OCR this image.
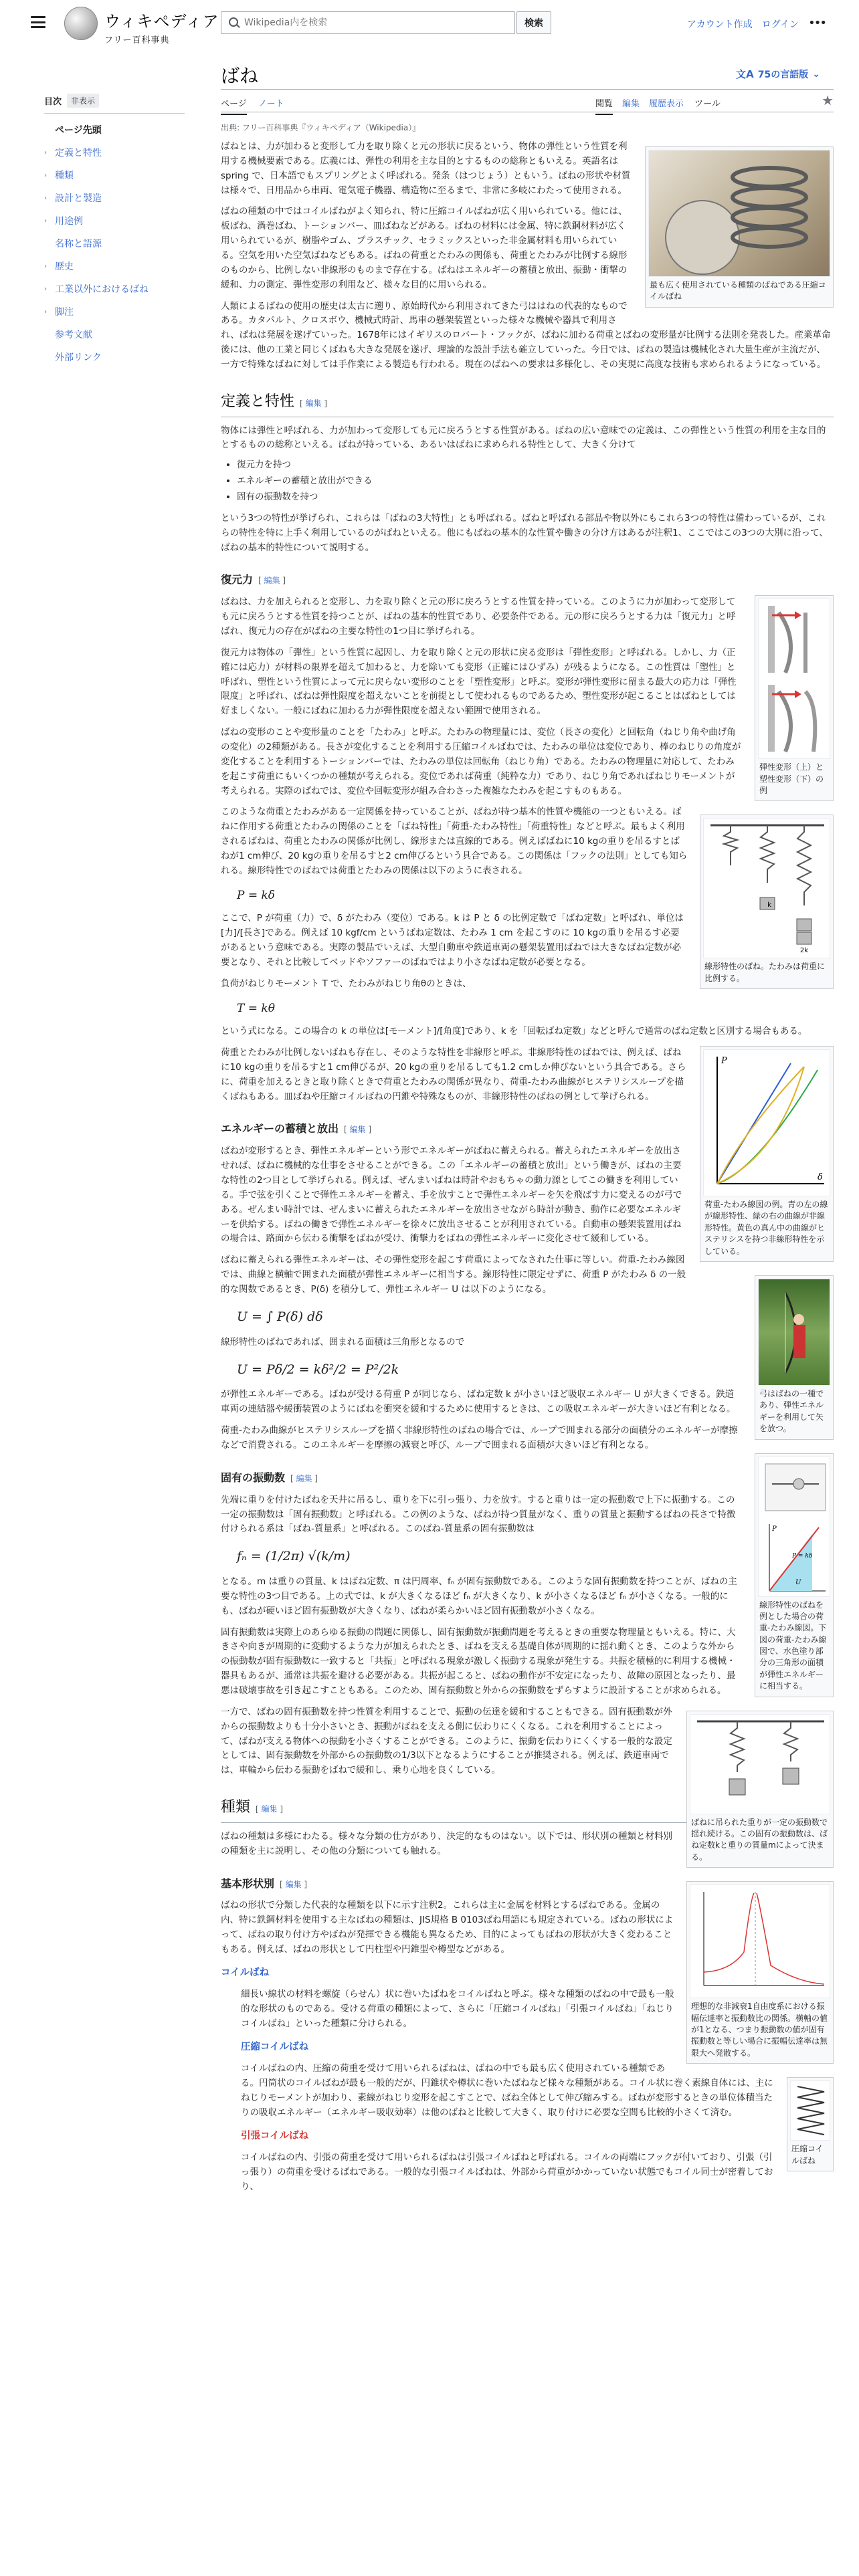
ウィキペディア
フリー百科事典
Wikipedia内を検索
検索	アカウント作成 ログイン •••
目次	非表示
ページ先頭
› 定義と特性
› 種類
› 設計と製造
› 用途例
名称と語源
› 歴史
› 工業以外におけるばね
› 脚注
参考文献
外部リンク
ばね	文A 75の言語版 ⌄
ページ ノート	閲覧 編集 履歴表示 ツール	★
出典: フリー百科事典『ウィキペディア（Wikipedia）』
最も広く使用されている種類のばねである圧縮コイルばね

ばねとは、力が加わると変形して力を取り除くと元の形状に戻るという、物体の弾性という性質を利用する機械要素である。広義には、弾性の利用を主な目的とするものの総称ともいえる。英語名は spring で、日本語でもスプリングとよく呼ばれる。発条（はつじょう）ともいう。ばねの形状や材質は様々で、日用品から車両、電気電子機器、構造物に至るまで、非常に多岐にわたって使用される。

ばねの種類の中ではコイルばねがよく知られ、特に圧縮コイルばねが広く用いられている。他には、板ばね、渦巻ばね、トーションバー、皿ばねなどがある。ばねの材料には金属、特に鉄鋼材料が広く用いられているが、樹脂やゴム、プラスチック、セラミックスといった非金属材料も用いられている。空気を用いた空気ばねなどもある。ばねの荷重とたわみの関係も、荷重とたわみが比例する線形のものから、比例しない非線形のものまで存在する。ばねはエネルギーの蓄積と放出、振動・衝撃の緩和、力の測定、弾性変形の利用など、様々な目的に用いられる。

人類によるばねの使用の歴史は太古に遡り、原始時代から利用されてきた弓ははねの代表的なものである。カタパルト、クロスボウ、機械式時計、馬車の懸架装置といった様々な機械や器具で利用され、ばねは発展を遂げていった。1678年にはイギリスのロバート・フックが、ばねに加わる荷重とばねの変形量が比例する法則を発表した。産業革命後には、他の工業と同じくばねも大きな発展を遂げ、理論的な設計手法も確立していった。今日では、ばねの製造は機械化され大量生産が主流だが、一方で特殊なばねに対しては手作業による製造も行われる。現在のばねへの要求は多様化し、その実現に高度な技術も求められるようになっている。

定義と特性 [ 編集 ]

物体には弾性と呼ばれる、力が加わって変形しても元に戻ろうとする性質がある。ばねの広い意味での定義は、この弾性という性質の利用を主な目的とするものの総称といえる。ばねが持っている、あるいはばねに求められる特性として、大きく分けて

• 復元力を持つ
• エネルギーの蓄積と放出ができる
• 固有の振動数を持つ

という3つの特性が挙げられ、これらは「ばねの3大特性」とも呼ばれる。ばねと呼ばれる部品や物以外にもこれら3つの特性は備わっているが、これらの特性を特に上手く利用しているのがばねといえる。他にもばねの基本的な性質や働きの分け方はあるが注釈1、ここではこの3つの大別に沿って、ばねの基本的特性について説明する。

復元力 [ 編集 ]
弾性変形（上）と塑性変形（下）の例

ばねは、力を加えられると変形し、力を取り除くと元の形に戻ろうとする性質を持っている。このように力が加わって変形しても元に戻ろうとする性質を持つことが、ばねの基本的性質であり、必要条件である。元の形に戻ろうとする力は「復元力」と呼ばれ、復元力の存在がばねの主要な特性の1つ目に挙げられる。

復元力は物体の「弾性」という性質に起因し、力を取り除くと元の形状に戻る変形は「弾性変形」と呼ばれる。しかし、力（正確には応力）が材料の限界を超えて加わると、力を除いても変形（正確にはひずみ）が残るようになる。この性質は「塑性」と呼ばれ、塑性という性質によって元に戻らない変形のことを「塑性変形」と呼ぶ。変形が弾性変形に留まる最大の応力は「弾性限度」と呼ばれ、ばねは弾性限度を超えないことを前提として使われるものであるため、塑性変形が起こることはばねとしては好ましくない。一般にばねに加わる力が弾性限度を超えない範囲で使用される。

ばねの変形のことや変形量のことを「たわみ」と呼ぶ。たわみの物理量には、変位（長さの変化）と回転角（ねじり角や曲げ角の変化）の2種類がある。長さが変化することを利用する圧縮コイルばねでは、たわみの単位は変位であり、棒のねじりの角度が変化することを利用するトーションバーでは、たわみの単位は回転角（ねじり角）である。たわみの物理量に対応して、たわみを起こす荷重にもいくつかの種類が考えられる。変位であれば荷重（純粋な力）であり、ねじり角であればねじりモーメントが考えられる。実際のばねでは、変位や回転変形が組み合わさった複雑なたわみを起こすものもある。

k
2k
線形特性のばね。たわみは荷重に比例する。

このような荷重とたわみがある一定関係を持っていることが、ばねが持つ基本的性質や機能の一つともいえる。ばねに作用する荷重とたわみの関係のことを「ばね特性」「荷重-たわみ特性」「荷重特性」などと呼ぶ。最もよく利用されるばねは、荷重とたわみの関係が比例し、線形または直線的である。例えばばねに10 kgの重りを吊るすとばねが1 cm伸び、20 kgの重りを吊るすと2 cm伸びるという具合である。この関係は「フックの法則」としても知られる。線形特性でのばねでは荷重とたわみの関係は以下のように表される。

P = kδ

ここで、P が荷重（力）で、δ がたわみ（変位）である。k は P と δ の比例定数で「ばね定数」と呼ばれ、単位は[力]/[長さ]である。例えば 10 kgf/cm というばね定数は、たわみ 1 cm を起こすのに 10 kgの重りを吊るす必要があるという意味である。実際の製品でいえば、大型自動車や鉄道車両の懸架装置用ばねでは大きなばね定数が必要となり、それと比較してベッドやソファーのばねではより小さなばね定数が必要となる。

負荷がねじりモーメント T で、たわみがねじり角θのときは、

T = kθ

という式になる。この場合の k の単位は[モーメント]/[角度]であり、k を「回転ばね定数」などと呼んで通常のばね定数と区別する場合もある。

P
δ
荷重-たわみ線図の例。青の左の線が線形特性、緑の右の曲線が非線形特性。黄色の真ん中の曲線がヒステリシスを持つ非線形特性を示している。

荷重とたわみが比例しないばねも存在し、そのような特性を非線形と呼ぶ。非線形特性のばねでは、例えば、ばねに10 kgの重りを吊るすと1 cm伸びるが、20 kgの重りを吊るしても1.2 cmしか伸びないという具合である。さらに、荷重を加えるときと取り除くときで荷重とたわみの関係が異なり、荷重-たわみ曲線がヒステリシスループを描くばねもある。皿ばねや圧縮コイルばねの円錐や特殊なものが、非線形特性のばねの例として挙げられる。

エネルギーの蓄積と放出 [ 編集 ]
弓はばねの一種であり、弾性エネルギーを利用して矢を放つ。

ばねが変形するとき、弾性エネルギーという形でエネルギーがばねに蓄えられる。蓄えられたエネルギーを放出させれば、ばねに機械的な仕事をさせることができる。この「エネルギーの蓄積と放出」という働きが、ばねの主要な特性の2つ目として挙げられる。例えば、ぜんまいばねは時計やおもちゃの動力源としてこの働きを利用している。手で弦を引くことで弾性エネルギーを蓄え、手を放すことで弾性エネルギーを矢を飛ばす力に変えるのが弓である。ぜんまい時計では、ぜんまいに蓄えられたエネルギーを放出させながら時計が動き、動作に必要なエネルギーを供給する。ばねの働きで弾性エネルギーを徐々に放出させることが利用されている。自動車の懸架装置用ばねの場合は、路面から伝わる衝撃をばねが受け、衝撃力をばねの弾性エネルギーに変化させて緩和している。

P
P = kδ
U
線形特性のばねを例とした場合の荷重-たわみ線図。下図の荷重-たわみ線図で、水色塗り部分の三角形の面積が弾性エネルギーに相当する。

ばねに蓄えられる弾性エネルギーは、その弾性変形を起こす荷重によってなされた仕事に等しい。荷重-たわみ線図では、曲線と横軸で囲まれた面積が弾性エネルギーに相当する。線形特性に限定せずに、荷重 P がたわみ δ の一般的な関数であるとき、P(δ) を積分して、弾性エネルギー U は以下のようになる。

U = ∫ P(δ) dδ

線形特性のばねであれば、囲まれる面積は三角形となるので

U = Pδ/2 = kδ²/2 = P²/2k

が弾性エネルギーである。ばねが受ける荷重 P が同じなら、ばね定数 k が小さいほど吸収エネルギー U が大きくできる。鉄道車両の連結器や緩衝装置のようにばねを衝突を緩和するために使用するときは、この吸収エネルギーが大きいほど有利となる。

荷重-たわみ曲線がヒステリシスループを描く非線形特性のばねの場合では、ループで囲まれる部分の面積分のエネルギーが摩擦などで消費される。このエネルギーを摩擦の減衰と呼び、ループで囲まれる面積が大きいほど有利となる。

固有の振動数 [ 編集 ]
ばねに吊られた重りが一定の振動数で揺れ続ける。この固有の振動数は、ばね定数kと重りの質量mによって決まる。

先端に重りを付けたばねを天井に吊るし、重りを下に引っ張り、力を放す。すると重りは一定の振動数で上下に振動する。この一定の振動数は「固有振動数」と呼ばれる。この例のような、ばねが持つ質量がなく、重りの質量と振動するばねの長さで特徴付けられる系は「ばね-質量系」と呼ばれる。このばね-質量系の固有振動数は

fₙ = (1/2π) √(k/m)

となる。m は重りの質量、k はばね定数、π は円周率、fₙ が固有振動数である。このような固有振動数を持つことが、ばねの主要な特性の3つ目である。上の式では、k が大きくなるほど fₙ が大きくなり、k が小さくなるほど fₙ が小さくなる。一般的にも、ばねが硬いほど固有振動数が大きくなり、ばねが柔らかいほど固有振動数が小さくなる。

理想的な非減衰1自由度系における振幅伝達率と振動数比の関係。横軸の値が1となる、つまり振動数の値が固有振動数と等しい場合に振幅伝達率は無限大へ発散する。

固有振動数は実際上のあらゆる振動の問題に関係し、固有振動数が振動問題を考えるときの重要な物理量ともいえる。特に、大きさや向きが周期的に変動するような力が加えられたとき、ばねを支える基礎自体が周期的に揺れ動くとき、このような外からの振動数が固有振動数に一致すると「共振」と呼ばれる現象が激しく振動する現象が発生する。共振を積極的に利用する機械・器具もあるが、通常は共振を避ける必要がある。共振が起こると、ばねの動作が不安定になったり、故障の原因となったり、最悪は破壊事故を引き起こすこともある。このため、固有振動数と外からの振動数をずらすように設計することが求められる。

一方で、ばねの固有振動数を持つ性質を利用することで、振動の伝達を緩和することもできる。固有振動数が外からの振動数よりも十分小さいとき、振動がばねを支える側に伝わりにくくなる。これを利用することによって、ばねが支える物体への振動を小さくすることができる。このように、振動を伝わりにくくする一般的な設定としては、固有振動数を外部からの振動数の1/3以下となるようにすることが推奨される。例えば、鉄道車両では、車輪から伝わる振動をばねで緩和し、乗り心地を良くしている。

種類 [ 編集 ]

ばねの種類は多様にわたる。様々な分類の仕方があり、決定的なものはない。以下では、形状別の種類と材料別の種類を主に説明し、その他の分類についても触れる。

基本形状別 [ 編集 ]

ばねの形状で分類した代表的な種類を以下に示す注釈2。これらは主に金属を材料とするばねである。金属の内、特に鉄鋼材料を使用する主なばねの種類は、JIS規格 B 0103ばね用語にも規定されている。ばねの形状によって、ばねの取り付け方やばねが発揮できる機能も異なるため、目的によってもばねの形状が大きく変わることもある。例えば、ばねの形状として円柱型や円錐型や樽型などがある。

コイルばね

細長い線状の材料を螺旋（らせん）状に巻いたばねをコイルばねと呼ぶ。様々な種類のばねの中で最も一般的な形状のものである。受ける荷重の種類によって、さらに「圧縮コイルばね」「引張コイルばね」「ねじりコイルばね」といった種類に分けられる。

圧縮コイルばね
圧縮コイルばね

コイルばねの内、圧縮の荷重を受けて用いられるばねは、ばねの中でも最も広く使用されている種類である。円筒状のコイルばねが最も一般的だが、円錐状や樽状に巻いたばねなど様々な種類がある。コイル状に巻く素線自体には、主にねじりモーメントが加わり、素線がねじり変形を起こすことで、ばね全体として伸び縮みする。ばねが変形するときの単位体積当たりの吸収エネルギー（エネルギー吸収効率）は他のばねと比較して大きく、取り付けに必要な空間も比較的小さくて済む。

引張コイルばね

コイルばねの内、引張の荷重を受けて用いられるばねは引張コイルばねと呼ばれる。コイルの両端にフックが付いており、引張（引っ張り）の荷重を受けるばねである。一般的な引張コイルばねは、外部から荷重がかかっていない状態でもコイル同士が密着しており、
